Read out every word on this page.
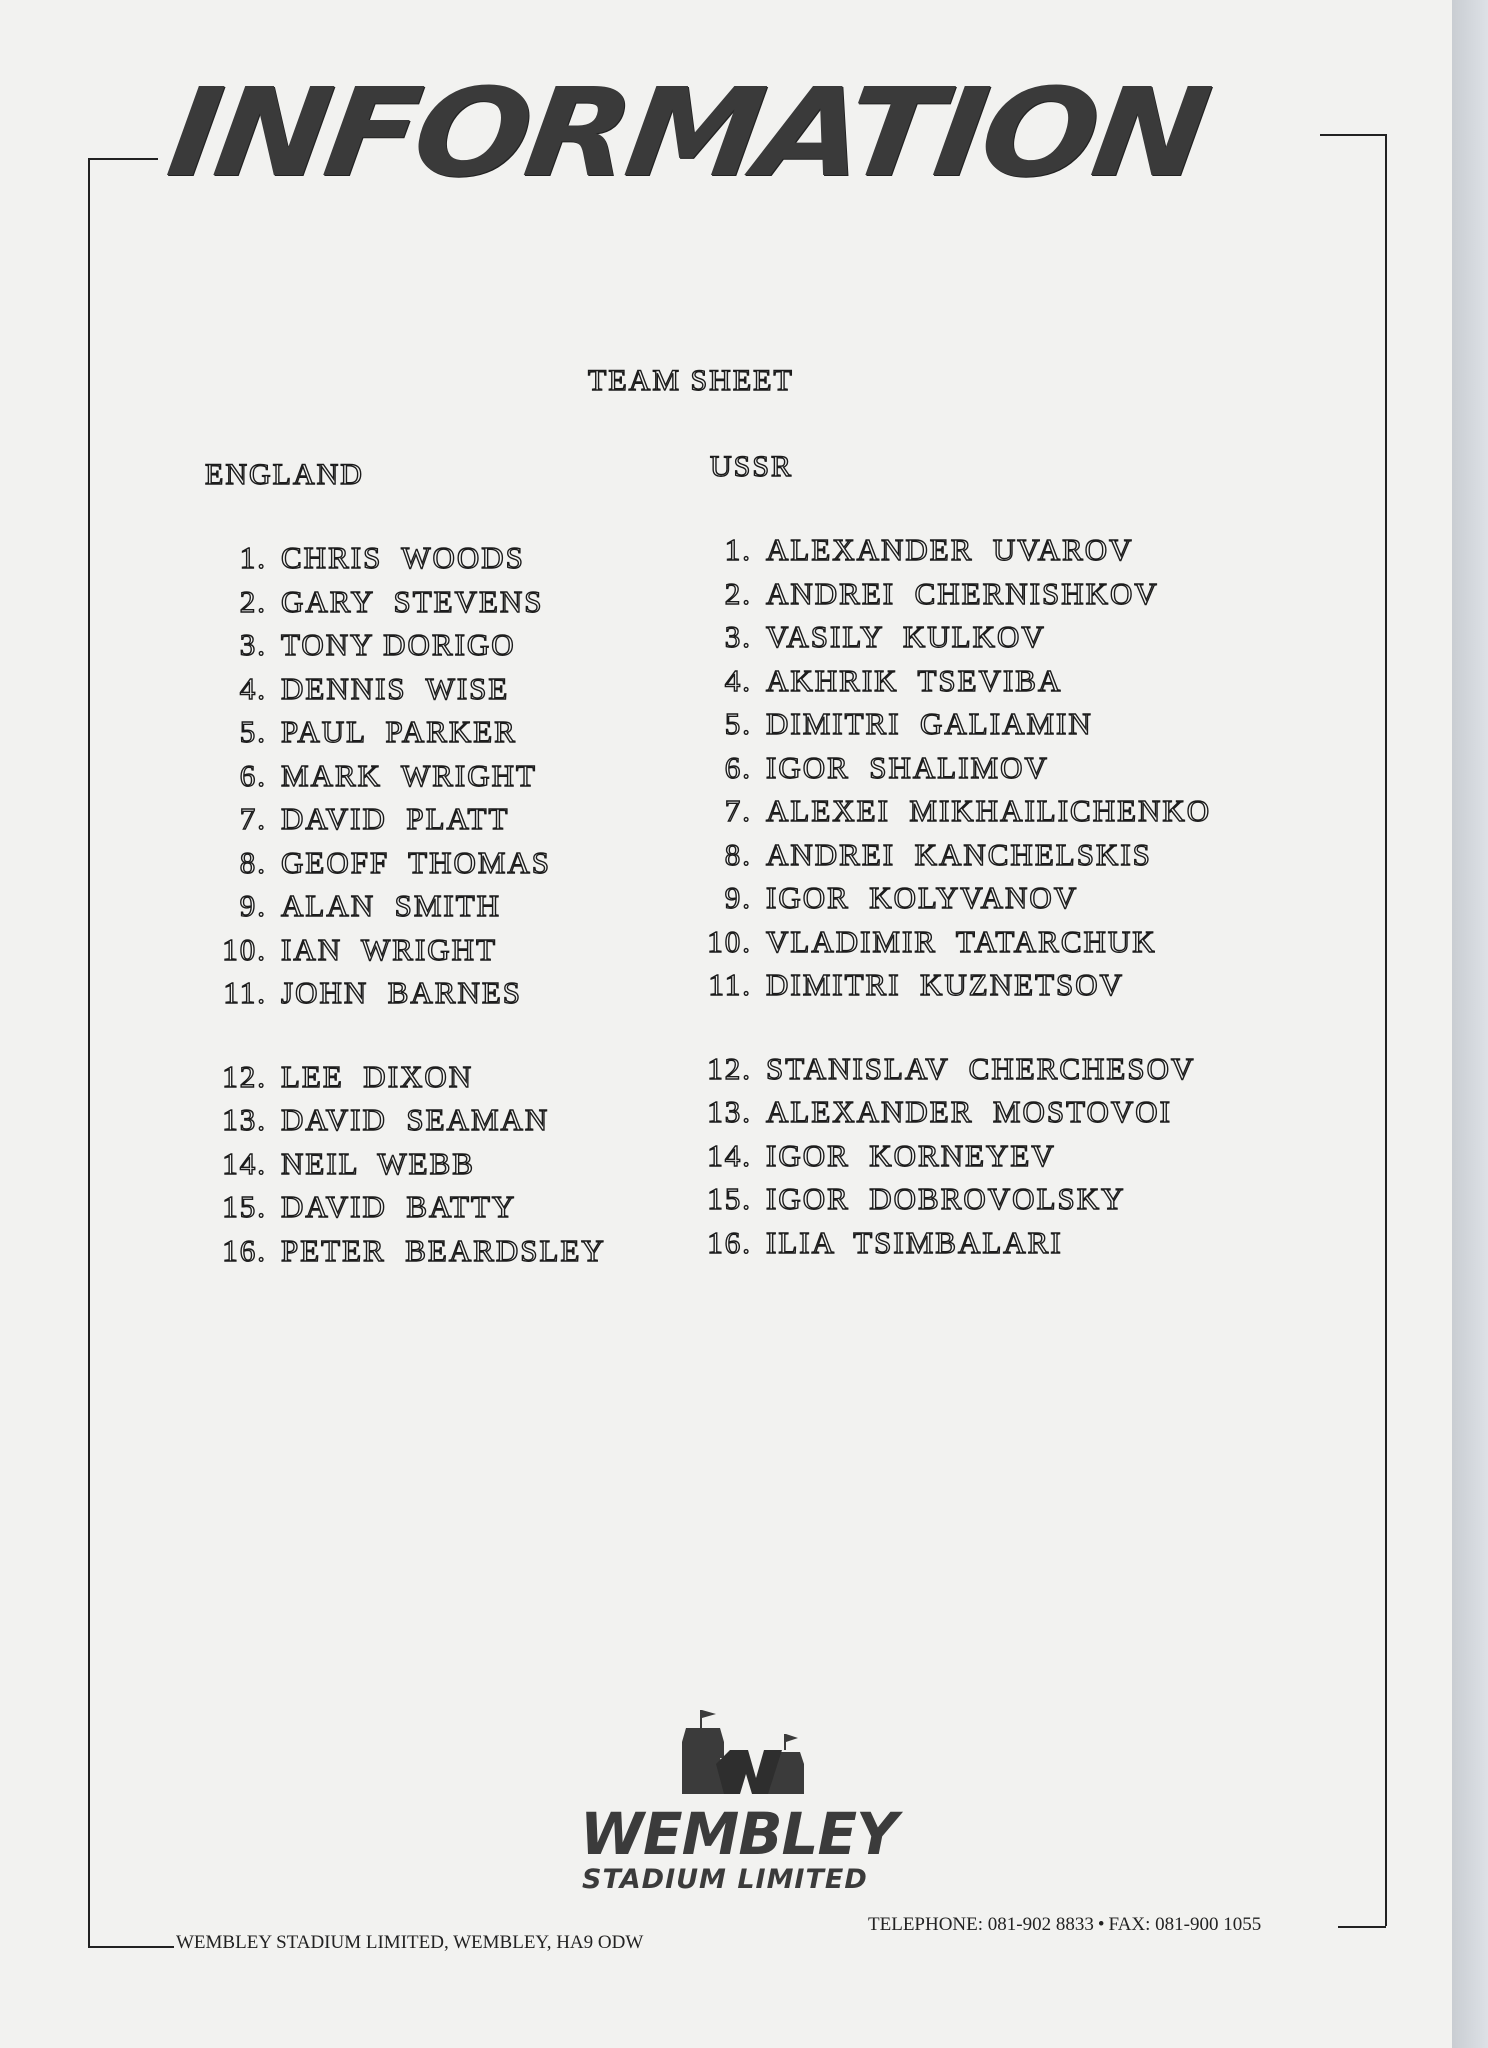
INFORMATION
TEAM SHEET
ENGLAND	USSR
1. CHRIS  WOODS
2. GARY  STEVENS
3. TONY DORIGO
4. DENNIS  WISE
5. PAUL  PARKER
6. MARK  WRIGHT
7. DAVID  PLATT
8. GEOFF  THOMAS
9. ALAN  SMITH
10. IAN  WRIGHT
11. JOHN  BARNES
12. LEE  DIXON
13. DAVID  SEAMAN
14. NEIL  WEBB
15. DAVID  BATTY
16. PETER  BEARDSLEY
1. ALEXANDER  UVAROV
2. ANDREI  CHERNISHKOV
3. VASILY  KULKOV
4. AKHRIK  TSEVIBA
5. DIMITRI  GALIAMIN
6. IGOR  SHALIMOV
7. ALEXEI  MIKHAILICHENKO
8. ANDREI  KANCHELSKIS
9. IGOR  KOLYVANOV
10. VLADIMIR  TATARCHUK
11. DIMITRI  KUZNETSOV
12. STANISLAV  CHERCHESOV
13. ALEXANDER  MOSTOVOI
14. IGOR  KORNEYEV
15. IGOR  DOBROVOLSKY
16. ILIA  TSIMBALARI
WEMBLEY
STADIUM LIMITED
WEMBLEY STADIUM LIMITED, WEMBLEY, HA9 ODW
TELEPHONE: 081-902 8833 • FAX: 081-900 1055
